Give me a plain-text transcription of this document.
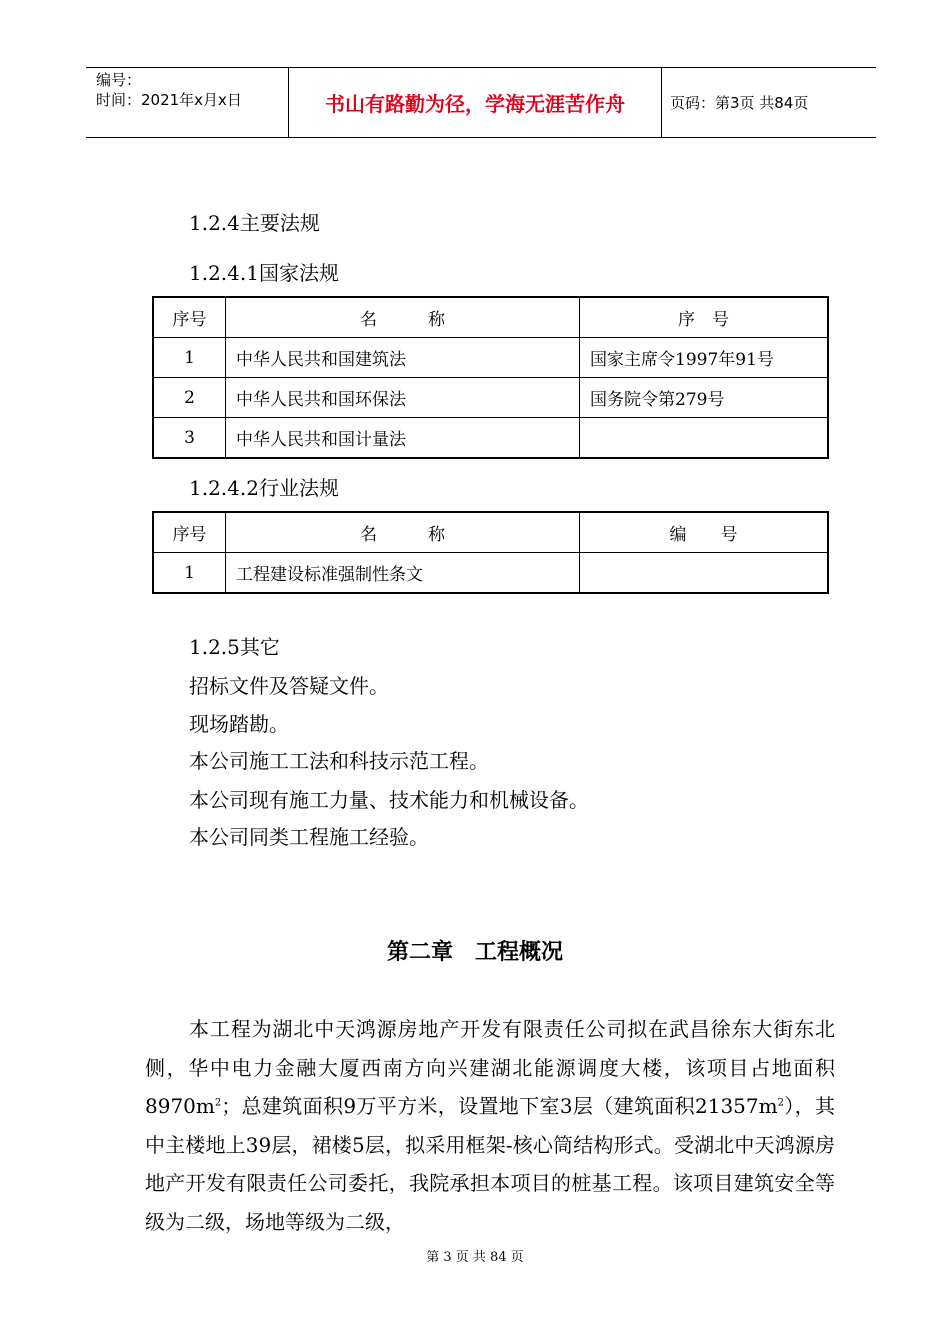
编号：
时间：2021年x月x日	书山有路勤为径，学海无涯苦作舟	页码：第3页 共84页
1.2.4主要法规
1.2.4.1国家法规
序号	名　　　称	序　号
1	中华人民共和国建筑法	国家主席令1997年91号
2	中华人民共和国环保法	国务院令第279号
3	中华人民共和国计量法	
1.2.4.2行业法规
序号	名　　　称	编　　号
1	工程建设标准强制性条文	
1.2.5其它
招标文件及答疑文件。
现场踏勘。
本公司施工工法和科技示范工程。
本公司现有施工力量、技术能力和机械设备。
本公司同类工程施工经验。
第二章　工程概况
本工程为湖北中天鸿源房地产开发有限责任公司拟在武昌徐东大街东北侧，华中电力金融大厦西南方向兴建湖北能源调度大楼，该项目占地面积$8970m^2$；总建筑面积9万平方米，设置地下室3层（建筑面积$21357m^2$），其中主楼地上39层，裙楼5层，拟采用框架-核心筒结构形式。受湖北中天鸿源房地产开发有限责任公司委托，我院承担本项目的桩基工程。该项目建筑安全等级为二级，场地等级为二级，
第 3 页 共 84 页
